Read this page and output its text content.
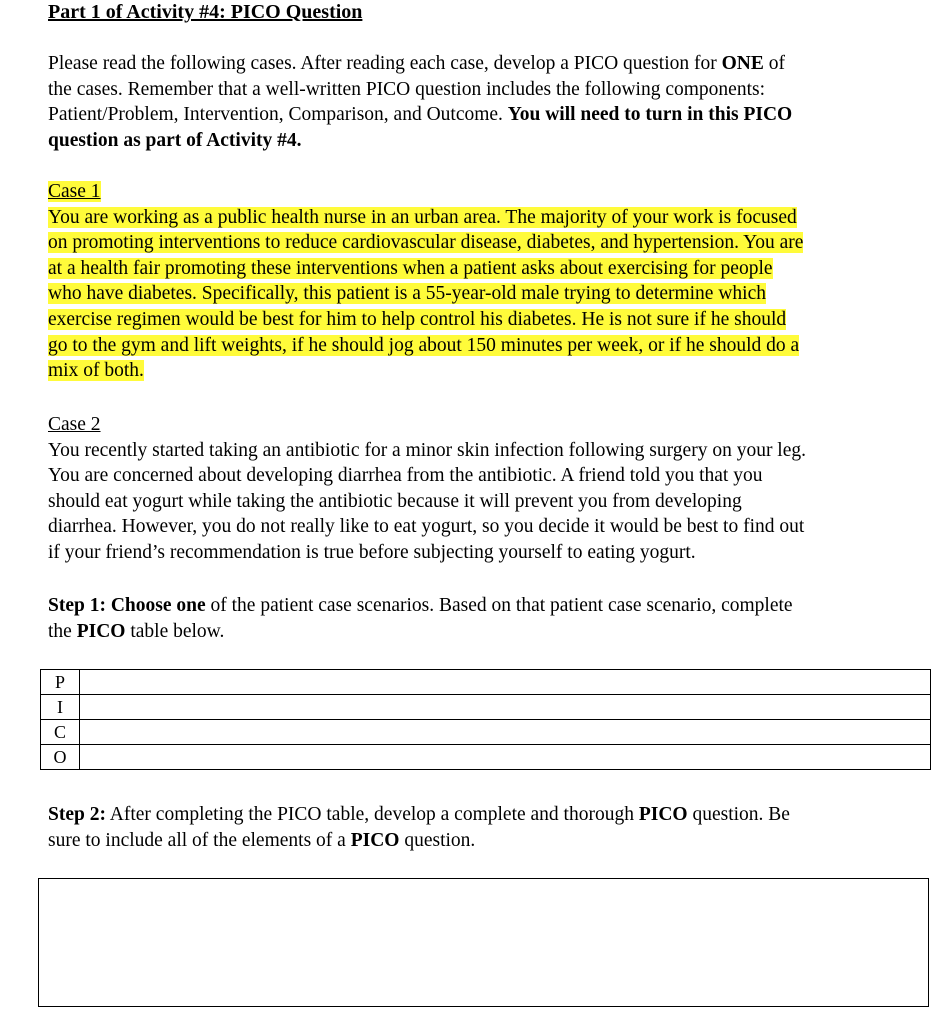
Part 1 of Activity #4: PICO Question
Please read the following cases. After reading each case, develop a PICO question for ONE of
the cases. Remember that a well-written PICO question includes the following components:
Patient/Problem, Intervention, Comparison, and Outcome. You will need to turn in this PICO
question as part of Activity #4.
Case 1
You are working as a public health nurse in an urban area. The majority of your work is focused
on promoting interventions to reduce cardiovascular disease, diabetes, and hypertension. You are
at a health fair promoting these interventions when a patient asks about exercising for people
who have diabetes. Specifically, this patient is a 55-year-old male trying to determine which
exercise regimen would be best for him to help control his diabetes. He is not sure if he should
go to the gym and lift weights, if he should jog about 150 minutes per week, or if he should do a
mix of both.
Case 2
You recently started taking an antibiotic for a minor skin infection following surgery on your leg.
You are concerned about developing diarrhea from the antibiotic. A friend told you that you
should eat yogurt while taking the antibiotic because it will prevent you from developing
diarrhea. However, you do not really like to eat yogurt, so you decide it would be best to find out
if your friend’s recommendation is true before subjecting yourself to eating yogurt.
Step 1: Choose one of the patient case scenarios. Based on that patient case scenario, complete
the PICO table below.
P	
I	
C	
O	
Step 2: After completing the PICO table, develop a complete and thorough PICO question. Be
sure to include all of the elements of a PICO question.
